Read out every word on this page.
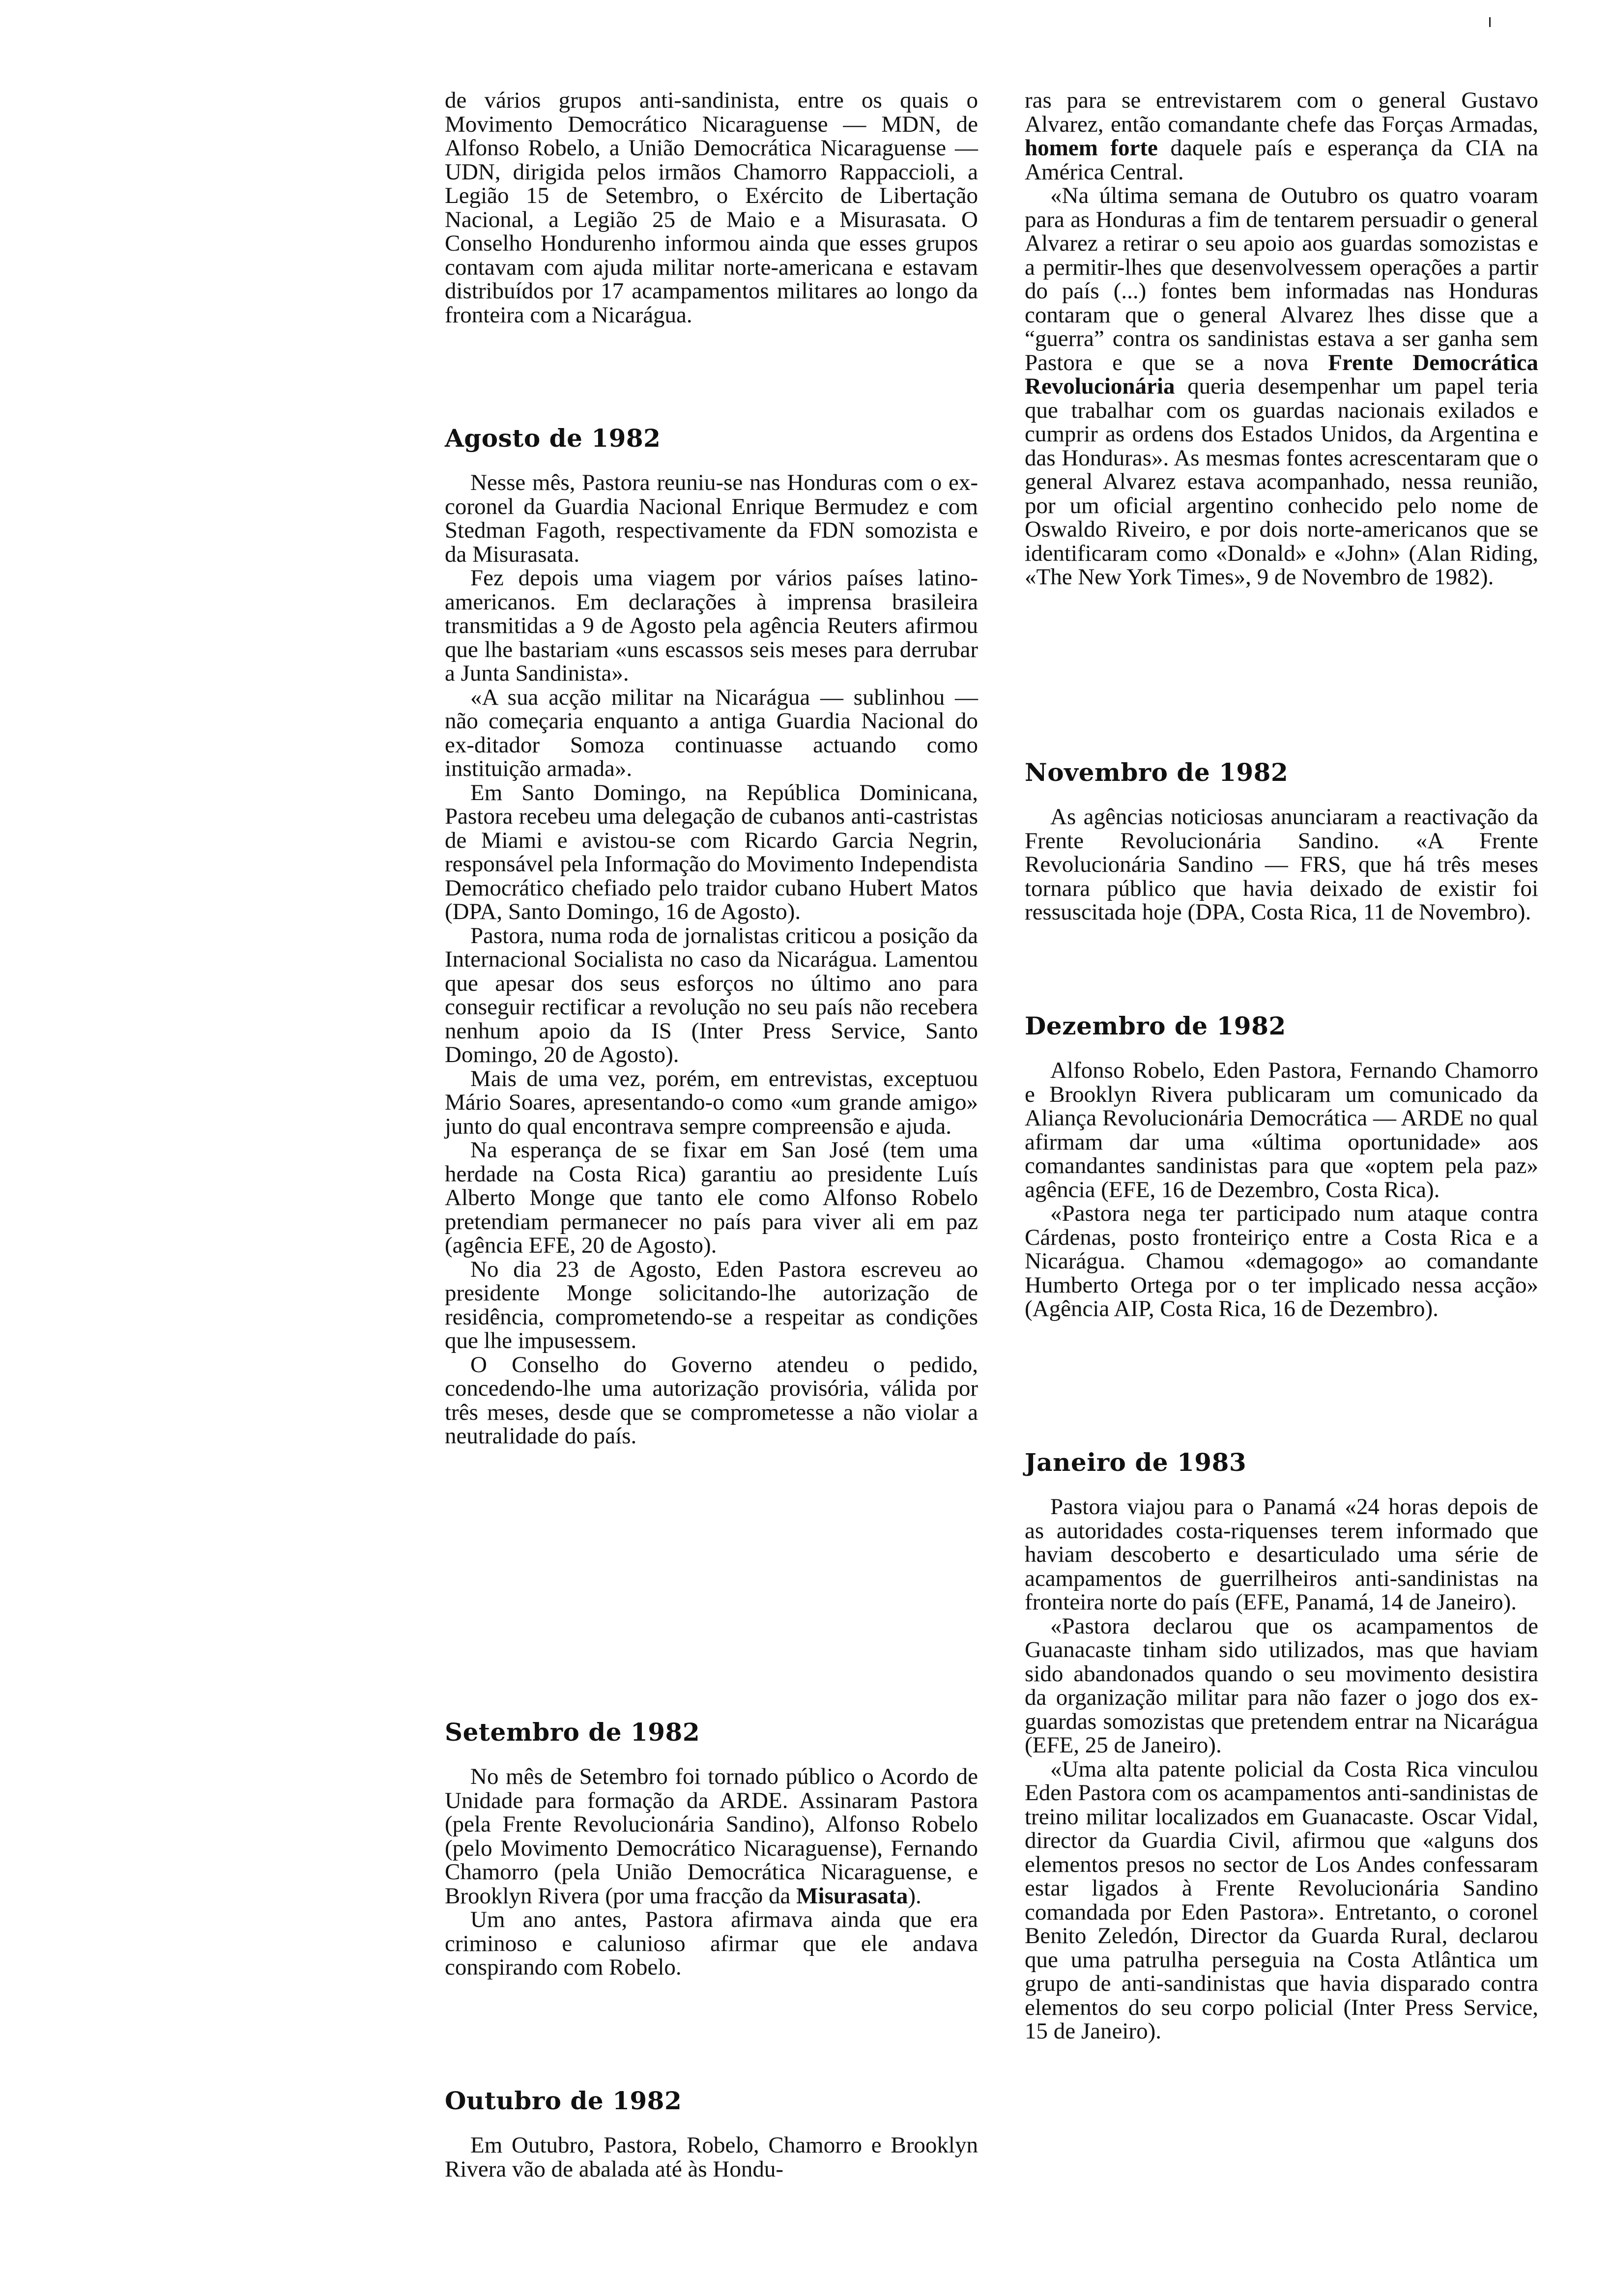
de vários grupos anti-sandinista, entre os quais o Movimento Democrático Nicaraguense — MDN, de Alfonso Robelo, a União Democrática Nicaraguense — UDN, dirigida pelos irmãos Chamorro Rappaccioli, a Legião 15 de Setembro, o Exército de Libertação Nacional, a Legião 25 de Maio e a Misurasata. O Conselho Hondurenho informou ainda que esses grupos contavam com ajuda militar norte-americana e estavam distribuídos por 17 acampamentos militares ao longo da fronteira com a Nicarágua.

Agosto de 1982

Nesse mês, Pastora reuniu-se nas Honduras com o ex-coronel da Guardia Nacional Enrique Bermudez e com Stedman Fagoth, respectivamente da FDN somozista e da Misurasata.

Fez depois uma viagem por vários países latino-americanos. Em declarações à imprensa brasileira transmitidas a 9 de Agosto pela agência Reuters afirmou que lhe bastariam «uns escassos seis meses para derrubar a Junta Sandinista».

«A sua acção militar na Nicarágua — sublinhou — não começaria enquanto a antiga Guardia Nacional do ex-ditador Somoza continuasse actuando como instituição armada».

Em Santo Domingo, na República Dominicana, Pastora recebeu uma delegação de cubanos anti-castristas de Miami e avistou-se com Ricardo Garcia Negrin, responsável pela Informação do Movimento Independista Democrático chefiado pelo traidor cubano Hubert Matos (DPA, Santo Domingo, 16 de Agosto).

Pastora, numa roda de jornalistas criticou a posição da Internacional Socialista no caso da Nicarágua. Lamentou que apesar dos seus esforços no último ano para conseguir rectificar a revolução no seu país não recebera nenhum apoio da IS (Inter Press Service, Santo Domingo, 20 de Agosto).

Mais de uma vez, porém, em entrevistas, exceptuou Mário Soares, apresentando-o como «um grande amigo» junto do qual encontrava sempre compreensão e ajuda.

Na esperança de se fixar em San José (tem uma herdade na Costa Rica) garantiu ao presidente Luís Alberto Monge que tanto ele como Alfonso Robelo pretendiam permanecer no país para viver ali em paz (agência EFE, 20 de Agosto).

No dia 23 de Agosto, Eden Pastora escreveu ao presidente Monge solicitando-lhe autorização de residência, comprometendo-se a respeitar as condições que lhe impusessem.

O Conselho do Governo atendeu o pedido, concedendo-lhe uma autorização provisória, válida por três meses, desde que se comprometesse a não violar a neutralidade do país.

Setembro de 1982

No mês de Setembro foi tornado público o Acordo de Unidade para formação da ARDE. Assinaram Pastora (pela Frente Revolucionária Sandino), Alfonso Robelo (pelo Movimento Democrático Nicaraguense), Fernando Chamorro (pela União Democrática Nicaraguense, e Brooklyn Rivera (por uma fracção da Misurasata).

Um ano antes, Pastora afirmava ainda que era criminoso e calunioso afirmar que ele andava conspirando com Robelo.

Outubro de 1982

Em Outubro, Pastora, Robelo, Chamorro e Brooklyn Rivera vão de abalada até às Hondu-

ras para se entrevistarem com o general Gustavo Alvarez, então comandante chefe das Forças Armadas, homem forte daquele país e esperança da CIA na América Central.

«Na última semana de Outubro os quatro voaram para as Honduras a fim de tentarem persuadir o general Alvarez a retirar o seu apoio aos guardas somozistas e a permitir-lhes que desenvolvessem operações a partir do país (...) fontes bem informadas nas Honduras contaram que o general Alvarez lhes disse que a “guerra” contra os sandinistas estava a ser ganha sem Pastora e que se a nova Frente Democrática Revolucionária queria desempenhar um papel teria que trabalhar com os guardas nacionais exilados e cumprir as ordens dos Estados Unidos, da Argentina e das Honduras». As mesmas fontes acrescentaram que o general Alvarez estava acompanhado, nessa reunião, por um oficial argentino conhecido pelo nome de Oswaldo Riveiro, e por dois norte-americanos que se identificaram como «Donald» e «John» (Alan Riding, «The New York Times», 9 de Novembro de 1982).

Novembro de 1982

As agências noticiosas anunciaram a reactivação da Frente Revolucionária Sandino. «A Frente Revolucionária Sandino — FRS, que há três meses tornara público que havia deixado de existir foi ressuscitada hoje (DPA, Costa Rica, 11 de Novembro).

Dezembro de 1982

Alfonso Robelo, Eden Pastora, Fernando Chamorro e Brooklyn Rivera publicaram um comunicado da Aliança Revolucionária Democrática — ARDE no qual afirmam dar uma «última oportunidade» aos comandantes sandinistas para que «optem pela paz» agência (EFE, 16 de Dezembro, Costa Rica).

«Pastora nega ter participado num ataque contra Cárdenas, posto fronteiriço entre a Costa Rica e a Nicarágua. Chamou «demagogo» ao comandante Humberto Ortega por o ter implicado nessa acção» (Agência AIP, Costa Rica, 16 de Dezembro).

Janeiro de 1983

Pastora viajou para o Panamá «24 horas depois de as autoridades costa-riquenses terem informado que haviam descoberto e desarticulado uma série de acampamentos de guerrilheiros anti-sandinistas na fronteira norte do país (EFE, Panamá, 14 de Janeiro).

«Pastora declarou que os acampamentos de Guanacaste tinham sido utilizados, mas que haviam sido abandonados quando o seu movimento desistira da organização militar para não fazer o jogo dos ex-guardas somozistas que pretendem entrar na Nicarágua (EFE, 25 de Janeiro).

«Uma alta patente policial da Costa Rica vinculou Eden Pastora com os acampamentos anti-sandinistas de treino militar localizados em Guanacaste. Oscar Vidal, director da Guardia Civil, afirmou que «alguns dos elementos presos no sector de Los Andes confessaram estar ligados à Frente Revolucionária Sandino comandada por Eden Pastora». Entretanto, o coronel Benito Zeledón, Director da Guarda Rural, declarou que uma patrulha perseguia na Costa Atlântica um grupo de anti-sandinistas que havia disparado contra elementos do seu corpo policial (Inter Press Service, 15 de Janeiro).
